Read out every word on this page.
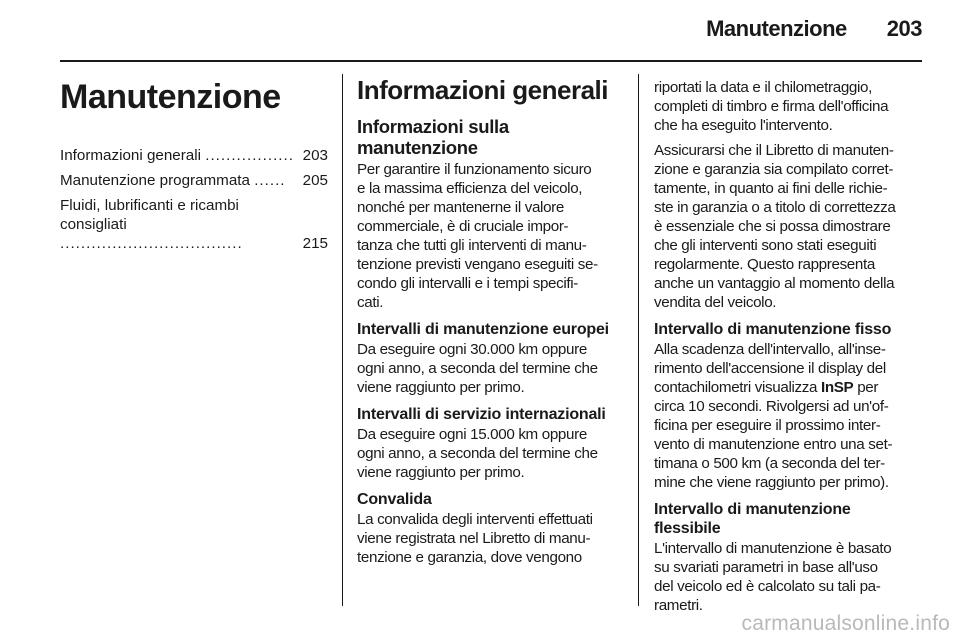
Manutenzione 203
Manutenzione
Informazioni generali ................. 203
Manutenzione programmata ......	205
Fluidi, lubrificanti e ricambi
consigliati ...................................	215
Informazioni generali
Informazioni sulla
manutenzione

Per garantire il funzionamento sicuro
e la massima efficienza del veicolo,
nonché per mantenerne il valore
commerciale, è di cruciale impor-
tanza che tutti gli interventi di manu-
tenzione previsti vengano eseguiti se-
condo gli intervalli e i tempi specifi-
cati.

Intervalli di manutenzione europei

Da eseguire ogni 30.000 km oppure
ogni anno, a seconda del termine che
viene raggiunto per primo.

Intervalli di servizio internazionali

Da eseguire ogni 15.000 km oppure
ogni anno, a seconda del termine che
viene raggiunto per primo.

Convalida

La convalida degli interventi effettuati
viene registrata nel Libretto di manu-
tenzione e garanzia, dove vengono

riportati la data e il chilometraggio,
completi di timbro e firma dell'officina
che ha eseguito l'intervento.

Assicurarsi che il Libretto di manuten-
zione e garanzia sia compilato corret-
tamente, in quanto ai fini delle richie-
ste in garanzia o a titolo di correttezza
è essenziale che si possa dimostrare
che gli interventi sono stati eseguiti
regolarmente. Questo rappresenta
anche un vantaggio al momento della
vendita del veicolo.

Intervallo di manutenzione fisso

Alla scadenza dell'intervallo, all'inse-
rimento dell'accensione il display del
contachilometri visualizza InSP per
circa 10 secondi. Rivolgersi ad un'of-
ficina per eseguire il prossimo inter-
vento di manutenzione entro una set-
timana o 500 km (a seconda del ter-
mine che viene raggiunto per primo).

Intervallo di manutenzione
flessibile

L'intervallo di manutenzione è basato
su svariati parametri in base all'uso
del veicolo ed è calcolato su tali pa-
rametri.

carmanualsonline.info
